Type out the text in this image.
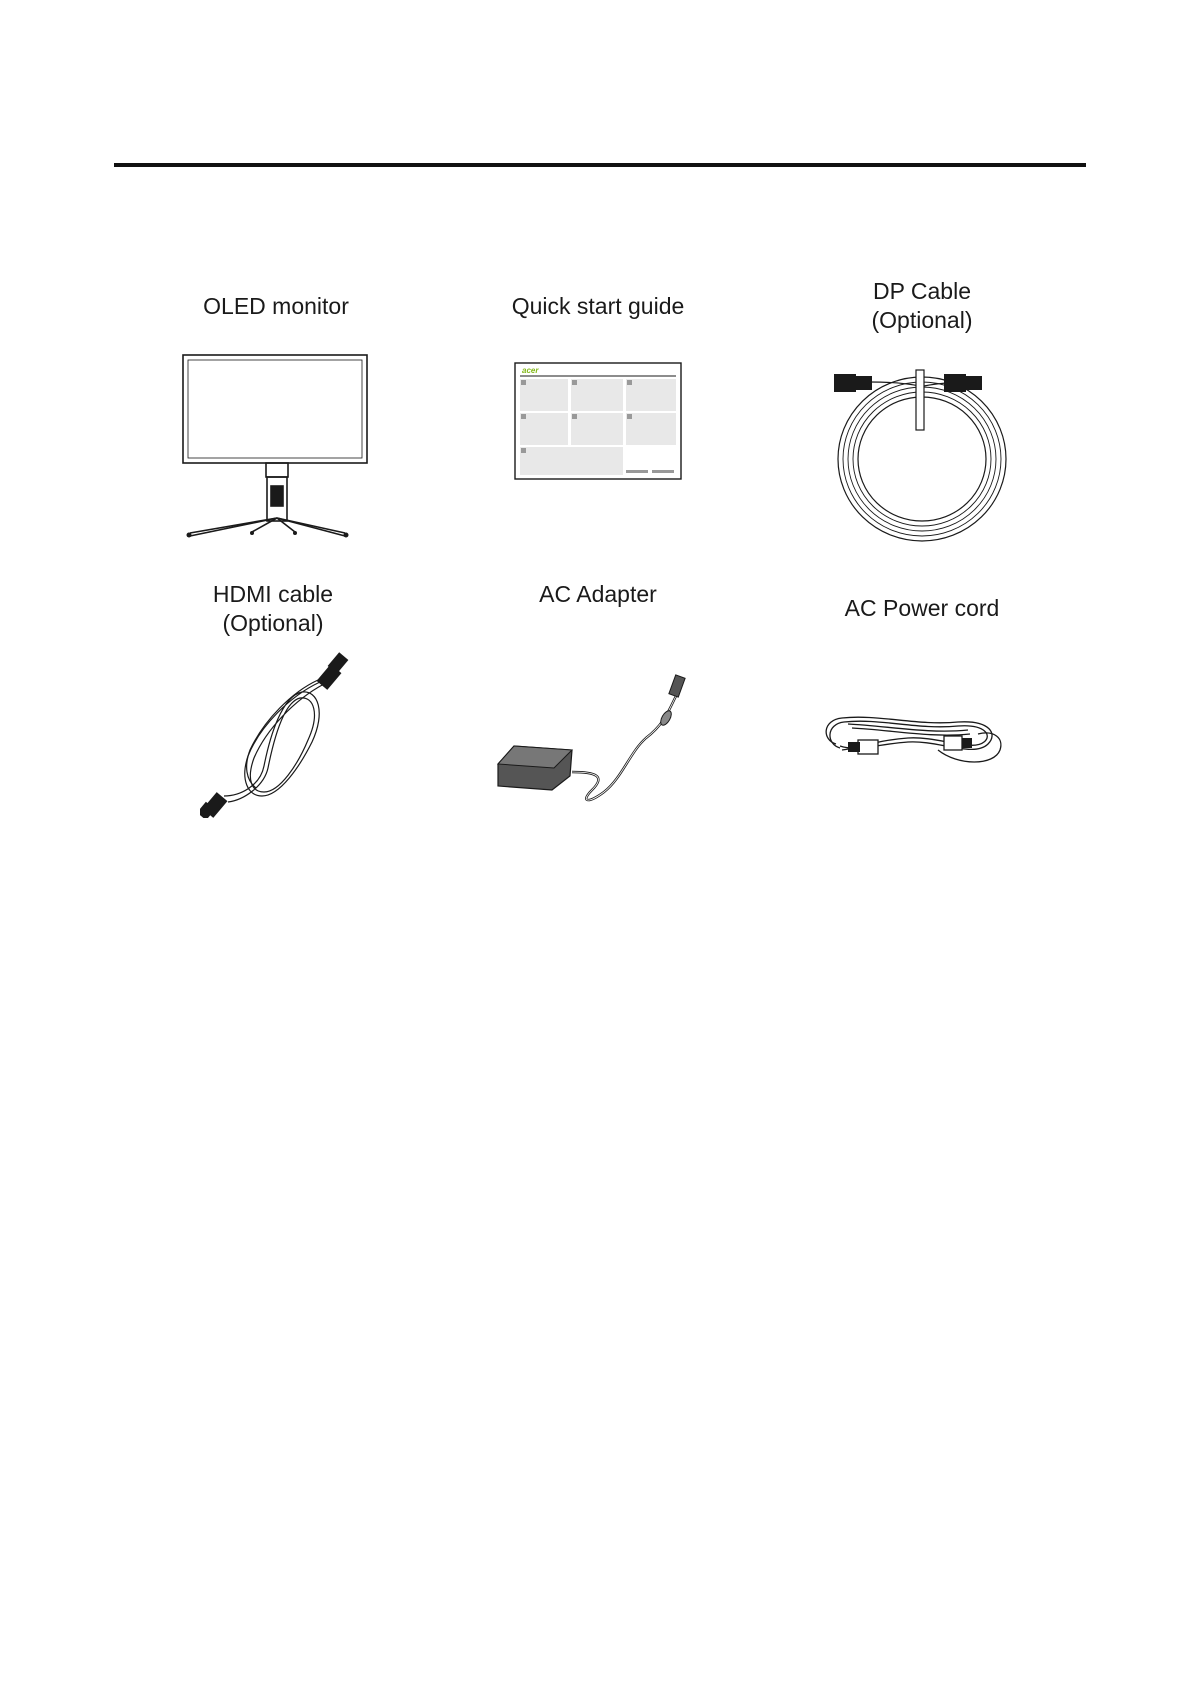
OLED monitor	Quick start guide
DP Cable
(Optional)
HDMI cable
(Optional)
AC Adapter
AC Power cord
acer
